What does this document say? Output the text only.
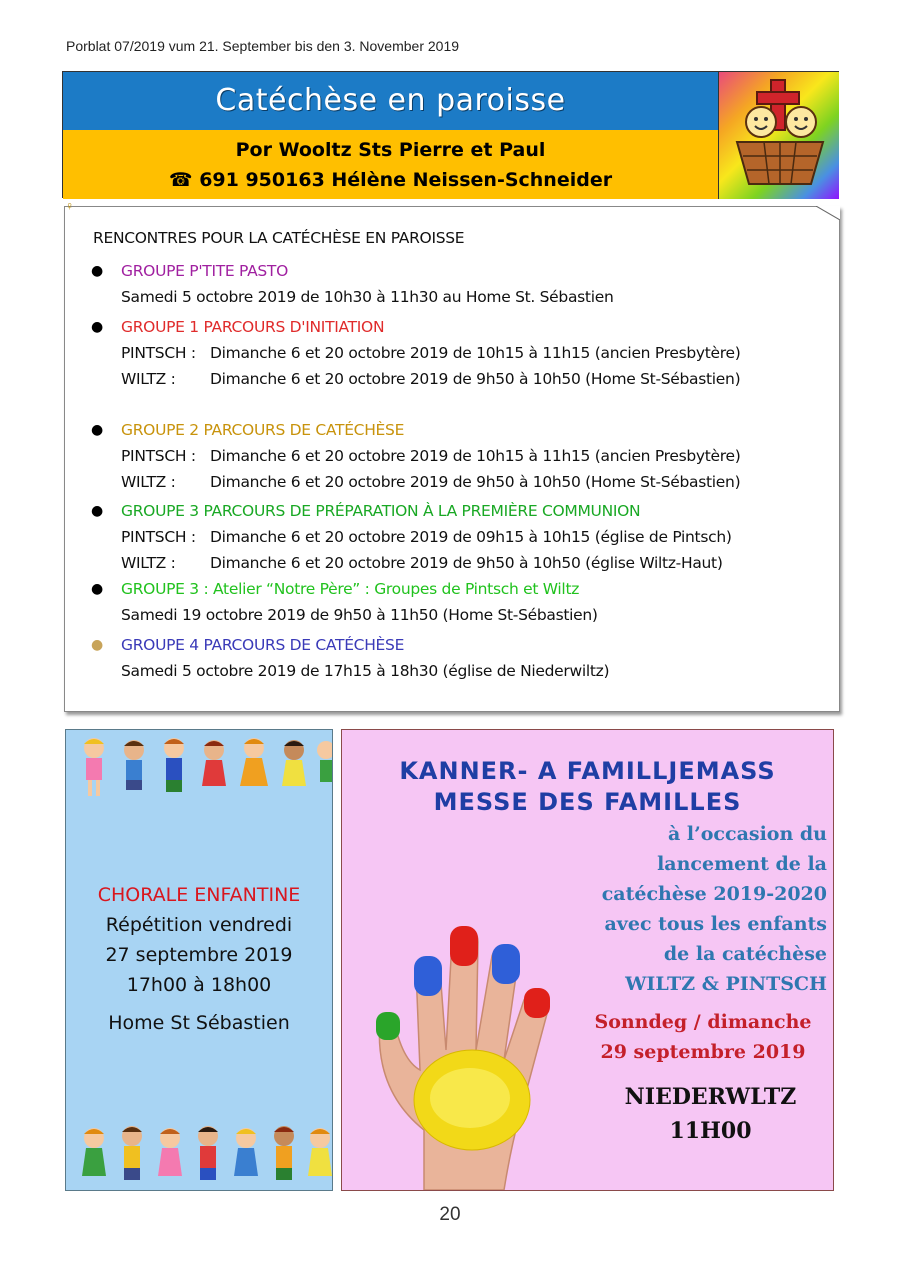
Porblat 07/2019 vum 21. September bis den 3. November 2019
Catéchèse en paroisse
Por Wooltz Sts Pierre et Paul
☎ 691 950163 Hélène Neissen-Schneider
♀
RENCONTRES POUR LA CATÉCHÈSE EN PAROISSE
● GROUPE P'TITE PASTO
Samedi 5 octobre 2019 de 10h30 à 11h30 au Home St. Sébastien
● GROUPE 1 PARCOURS D'INITIATION
PINTSCH : Dimanche 6 et 20 octobre 2019 de 10h15 à 11h15 (ancien Presbytère)
WILTZ : Dimanche 6 et 20 octobre 2019 de 9h50 à 10h50 (Home St-Sébastien)
● GROUPE 2 PARCOURS DE CATÉCHÈSE
PINTSCH : Dimanche 6 et 20 octobre 2019 de 10h15 à 11h15 (ancien Presbytère)
WILTZ : Dimanche 6 et 20 octobre 2019 de 9h50 à 10h50 (Home St-Sébastien)
● GROUPE 3 PARCOURS DE PRÉPARATION À LA PREMIÈRE COMMUNION
PINTSCH : Dimanche 6 et 20 octobre 2019 de 09h15 à 10h15 (église de Pintsch)
WILTZ : Dimanche 6 et 20 octobre 2019 de 9h50 à 10h50 (église Wiltz-Haut)
● GROUPE 3 : Atelier “Notre Père” : Groupes de Pintsch et Wiltz
Samedi 19 octobre 2019 de 9h50 à 11h50 (Home St-Sébastien)
● GROUPE 4 PARCOURS DE CATÉCHÈSE
Samedi 5 octobre 2019 de 17h15 à 18h30 (église de Niederwiltz)
CHORALE ENFANTINE
Répétition vendredi
27 septembre 2019
17h00 à 18h00
Home St Sébastien
KANNER- A FAMILLJEMASS
MESSE DES FAMILLES
à l’occasion du
lancement de la
catéchèse 2019-2020
avec tous les enfants
de la catéchèse
WILTZ & PINTSCH
Sonndeg / dimanche
29 septembre 2019
NIEDERWLTZ
11H00
20
